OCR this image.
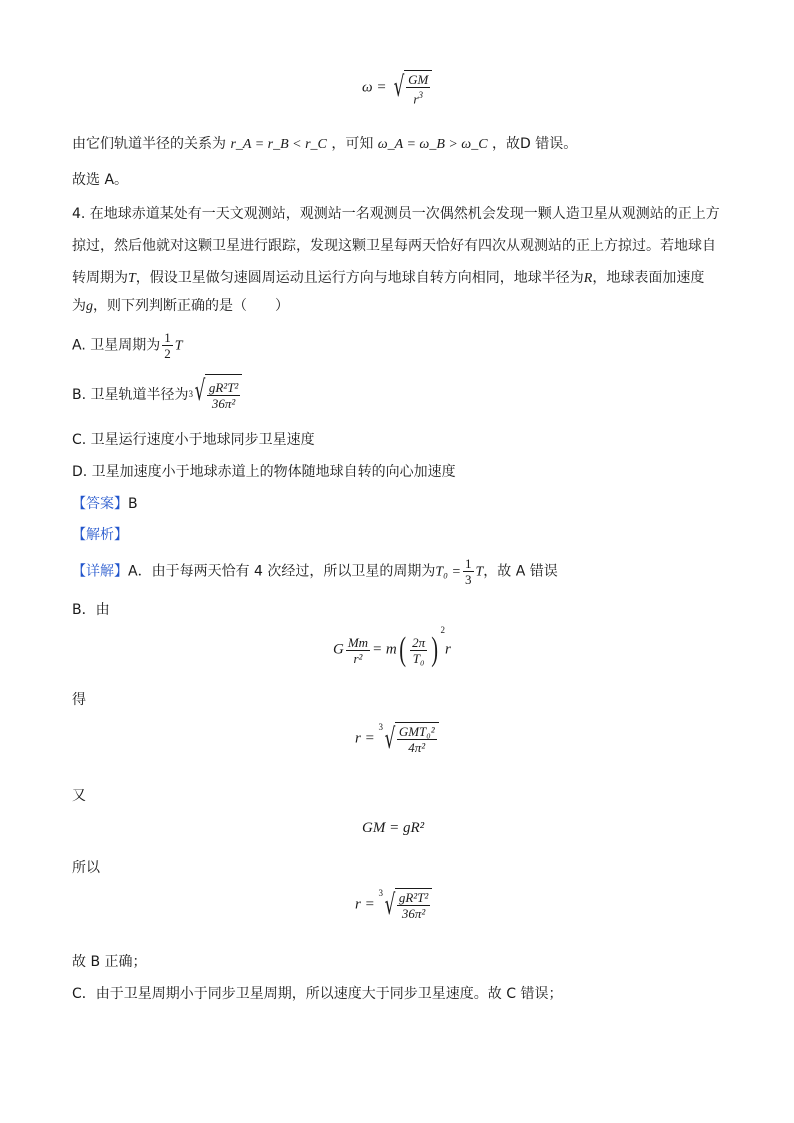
ω = √ $\frac{GM}{r^3}$
由它们轨道半径的关系为 r_A = r_B < r_C ，可知 ω_A = ω_B > ω_C ，故D 错误。
故选 A。
4. 在地球赤道某处有一天文观测站，观测站一名观测员一次偶然机会发现一颗人造卫星从观测站的正上方
掠过，然后他就对这颗卫星进行跟踪，发现这颗卫星每两天恰好有四次从观测站的正上方掠过。若地球自
转周期为T，假设卫星做匀速圆周运动且运行方向与地球自转方向相同，地球半径为R，地球表面加速度
为g，则下列判断正确的是（　　）
A. 卫星周期为 $\frac{1}{2}$ T
B. 卫星轨道半径为 3 √ $\frac{\text{gR²T²}}{\text{36π²}}$
C. 卫星运行速度小于地球同步卫星速度
D. 卫星加速度小于地球赤道上的物体随地球自转的向心加速度
【答案】B
【解析】
【详解】A．由于每两天恰有 4 次经过，所以卫星的周期为$T_0 = \frac{1}{3}$ T，故 A 错误
B．由
G $\frac{Mm}{\text{r²}} = m( \frac{2\pi}{\text{T₀}} )^2r$
得
r =
3 √ $\frac{\text{GMT₀²}}{\text{4π²}}$
又
GM = gR²
所以
r =
3 √ $\frac{\text{gR²T²}}{\text{36π²}}$
故 B 正确；
C．由于卫星周期小于同步卫星周期，所以速度大于同步卫星速度。故 C 错误；
